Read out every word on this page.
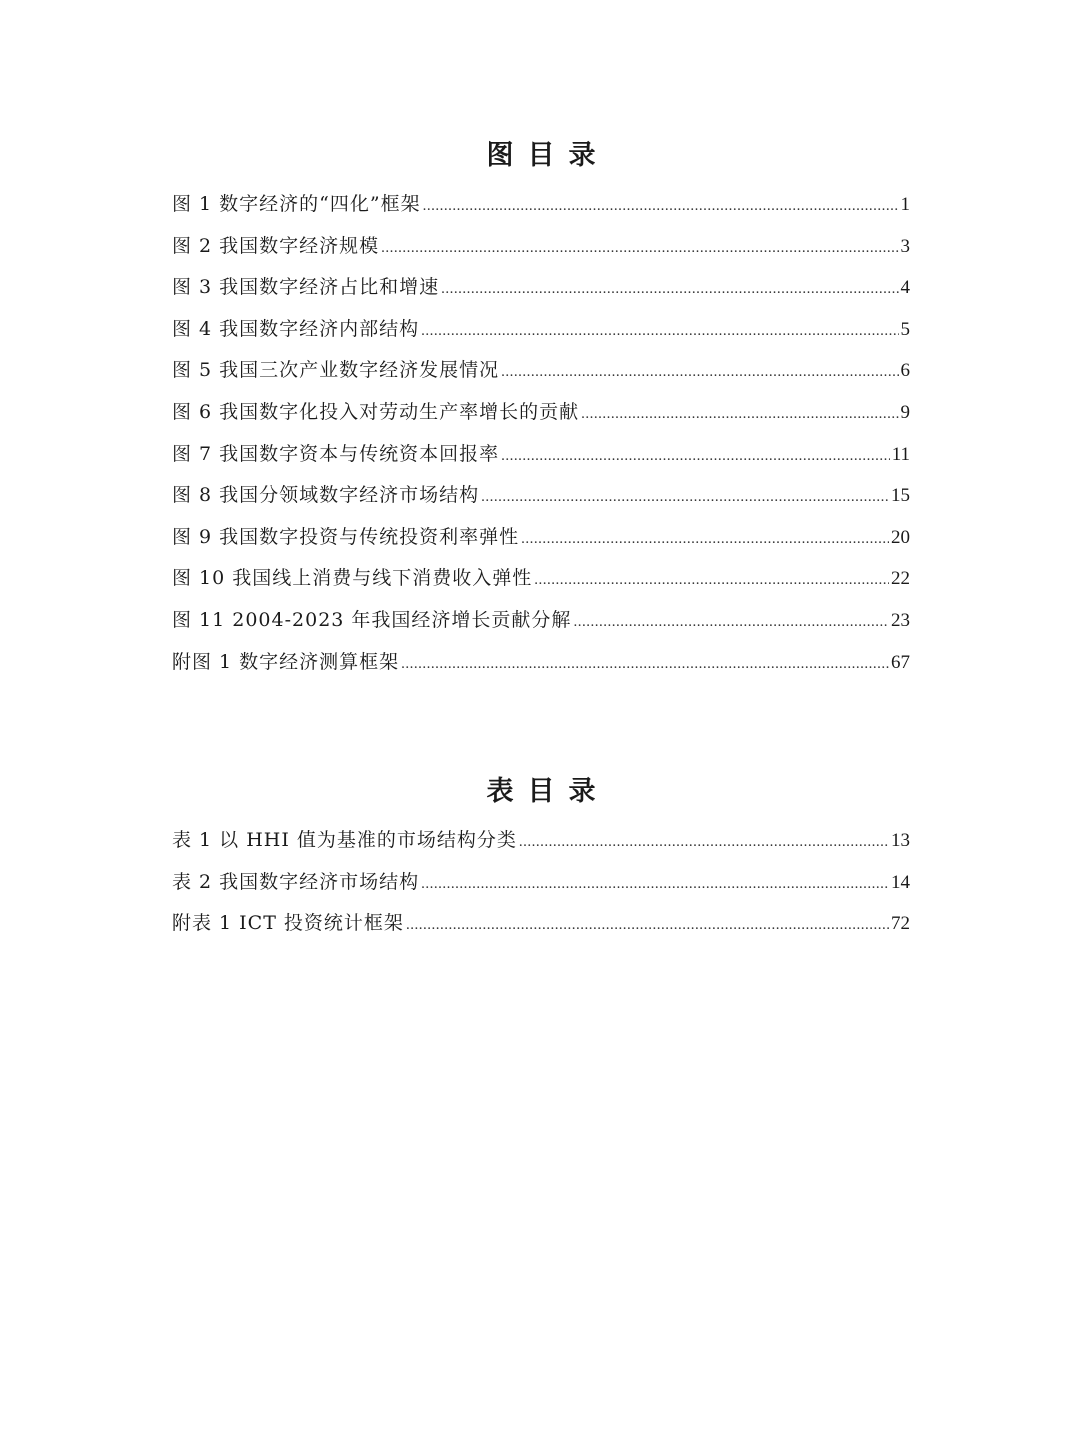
图目录
图 1 数字经济的“四化”框架 .....	1
图 2 我国数字经济规模 .....	3
图 3 我国数字经济占比和增速 .....	4
图 4 我国数字经济内部结构 .....	5
图 5 我国三次产业数字经济发展情况 .....	6
图 6 我国数字化投入对劳动生产率增长的贡献 .....	9
图 7 我国数字资本与传统资本回报率 .....	11
图 8 我国分领域数字经济市场结构 .....	15
图 9 我国数字投资与传统投资利率弹性 .....	20
图 10 我国线上消费与线下消费收入弹性 .....	22
图 11 2004-2023 年我国经济增长贡献分解 .....	23
附图 1 数字经济测算框架 .....	67
表目录
表 1 以 HHI 值为基准的市场结构分类 .....	13
表 2 我国数字经济市场结构 .....	14
附表 1 ICT 投资统计框架 .....	72
